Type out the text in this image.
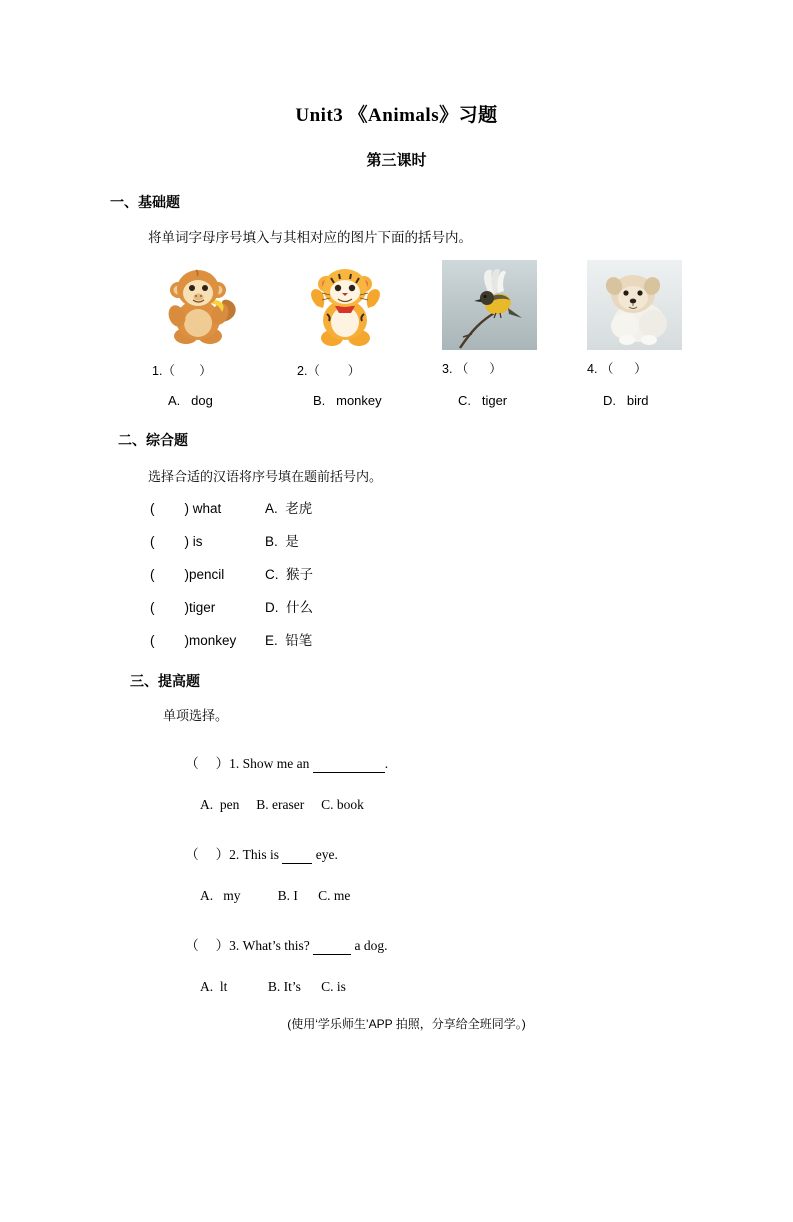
Unit3 《Animals》习题
第三课时
一、基础题
将单词字母序号填入与其相对应的图片下面的括号内。
1.（       ）	2.（        ）	3. （      ）	4. （      ）
A.   dog	B.   monkey	C.   tiger	D.   bird
二、综合题
选择合适的汉语将序号填在题前括号内。
(        ) what	A.  老虎
(        ) is	B.  是
(        )pencil	C.  猴子
(        )tiger	D.  什么
(        )monkey	E.  铅笔
三、提高题
单项选择。

（     ）1. Show me an	.

A.  pen     B. eraser     C. book

（     ）2. This is   eye.

A.   my           B. I      C. me

（     ）3. What’s this?	a dog.

A.  lt            B. It’s      C. is
(使用‘学乐师生’APP 拍照，分享给全班同学。)
